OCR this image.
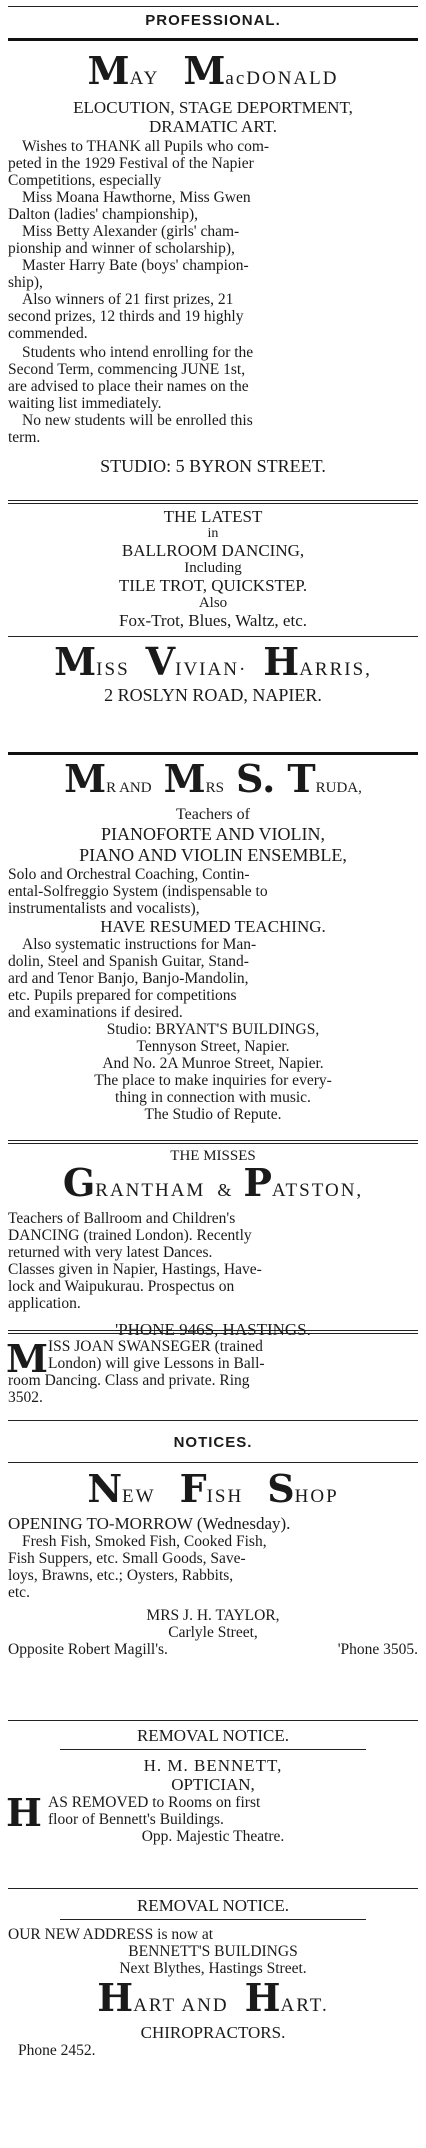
PROFESSIONAL.
MAY MacDONALD
ELOCUTION, STAGE DEPORTMENT,
DRAMATIC ART.
Wishes to THANK all Pupils who com-
peted in the 1929 Festival of the Napier
Competitions, especially
Miss Moana Hawthorne, Miss Gwen
Dalton (ladies' championship),
Miss Betty Alexander (girls' cham-
pionship and winner of scholarship),
Master Harry Bate (boys' champion-
ship),
Also winners of 21 first prizes, 21
second prizes, 12 thirds and 19 highly
commended.
Students who intend enrolling for the
Second Term, commencing JUNE 1st,
are advised to place their names on the
waiting list immediately.
No new students will be enrolled this
term.
STUDIO: 5 BYRON STREET.
THE LATEST
in
BALLROOM DANCING,
Including
TILE TROT, QUICKSTEP.
Also
Fox-Trot, Blues, Waltz, etc.
MISS VIVIAN· HARRIS,
2 ROSLYN ROAD, NAPIER.
MR AND MRS S. TRUDA,
Teachers of
PIANOFORTE AND VIOLIN,
PIANO AND VIOLIN ENSEMBLE,
Solo and Orchestral Coaching, Contin-
ental-Solfreggio System (indispensable to
instrumentalists and vocalists),
HAVE RESUMED TEACHING.
Also systematic instructions for Man-
dolin, Steel and Spanish Guitar, Stand-
ard and Tenor Banjo, Banjo-Mandolin,
etc. Pupils prepared for competitions
and examinations if desired.
Studio: BRYANT'S BUILDINGS,
Tennyson Street, Napier.
And No. 2A Munroe Street, Napier.
The place to make inquiries for every-
thing in connection with music.
The Studio of Repute.
THE MISSES
GRANTHAM & PATSTON,
Teachers of Ballroom and Children's
DANCING (trained London). Recently
returned with very latest Dances.
Classes given in Napier, Hastings, Have-
lock and Waipukurau. Prospectus on
application.
'PHONE 946S, HASTINGS.
M ISS JOAN SWANSEGER (trained
London) will give Lessons in Ball-
room Dancing. Class and private. Ring
3502.
NOTICES.
NEW FISH SHOP
OPENING TO-MORROW (Wednesday).
Fresh Fish, Smoked Fish, Cooked Fish,
Fish Suppers, etc. Small Goods, Save-
loys, Brawns, etc.; Oysters, Rabbits,
etc.
MRS J. H. TAYLOR,
Carlyle Street,
Opposite Robert Magill's.	'Phone 3505.
REMOVAL NOTICE.
H. M. BENNETT,
OPTICIAN,
H AS REMOVED to Rooms on first
floor of Bennett's Buildings.
Opp. Majestic Theatre.
REMOVAL NOTICE.
OUR NEW ADDRESS is now at
BENNETT'S BUILDINGS
Next Blythes, Hastings Street.
HART AND HART.
CHIROPRACTORS.
Phone 2452.
